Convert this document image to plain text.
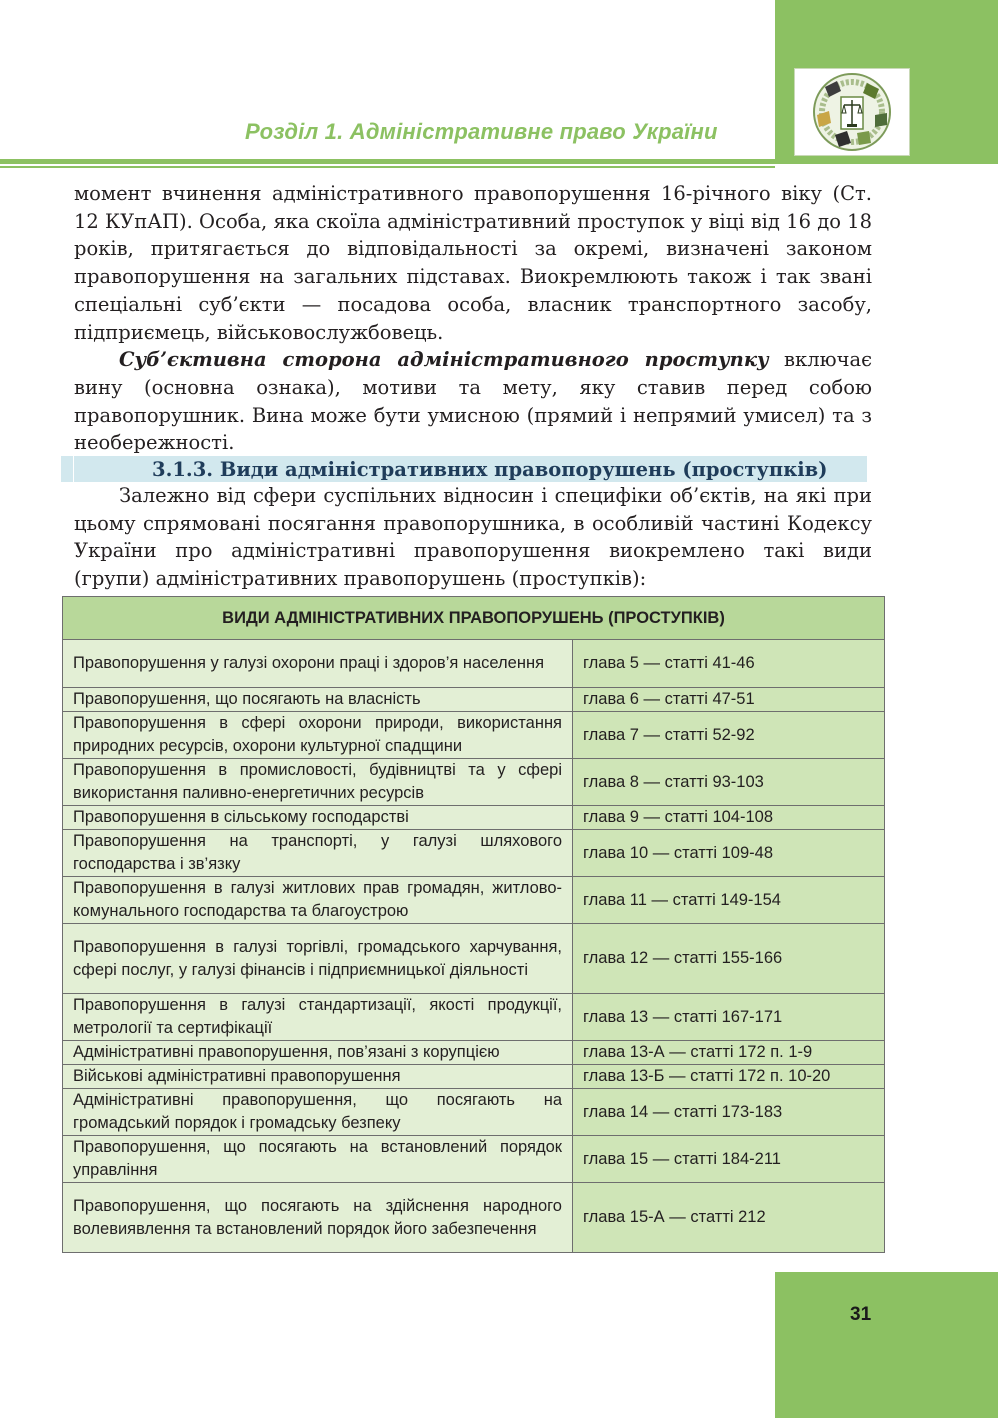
Розділ 1. Адміністративне право України

момент вчинення адміністративного правопорушення 16-річного віку (Ст. 12 КУпАП). Особа, яка скоїла адміністративний проступок у віці від 16 до 18 років, притягається до відповідальності за окремі, визначені законом правопорушення на загальних підставах. Виокремлюють також і так звані спеціальні суб’єкти — посадова особа, власник транспортного засобу, підприємець, військовослужбовець.

Суб’єктивна сторона адміністративного проступку включає вину (основна ознака), мотиви та мету, яку ставив перед собою правопорушник. Вина може бути умисною (прямий і непрямий умисел) та з необережності.

3.1.3. Види адміністративних правопорушень (проступків)

Залежно від сфери суспільних відносин і специфіки об’єктів, на які при цьому спрямовані посягання правопорушника, в особливій частині Кодексу України про адміністративні правопорушення виокремлено такі види (групи) адміністративних правопорушень (проступків):

ВИДИ АДМІНІСТРАТИВНИХ ПРАВОПОРУШЕНЬ (ПРОСТУПКІВ)	
Правопорушення у галузі охорони праці і здоров’я населення	глава 5 — статті 41-46
Правопорушення, що посягають на власність	глава 6 — статті 47-51
Правопорушення в сфері охорони природи, використання природних ресурсів, охорони культурної спадщини	глава 7 — статті 52-92
Правопорушення в промисловості, будівництві та у сфері використання паливно-енергетичних ресурсів	глава 8 — статті 93-103
Правопорушення в сільському господарстві	глава 9 — статті 104-108
Правопорушення на транспорті, у галузі шляхового господарства і зв’язку	глава 10 — статті 109-48
Правопорушення в галузі житлових прав громадян, житлово-комунального господарства та благоустрою	глава 11 — статті 149-154
Правопорушення в галузі торгівлі, громадського харчування, сфері послуг, у галузі фінансів і підприємницької діяльності	глава 12 — статті 155-166
Правопорушення в галузі стандартизації, якості продукції, метрології та сертифікації	глава 13 — статті 167-171
Адміністративні правопорушення, пов’язані з корупцією	глава 13-А — статті 172 п. 1-9
Військові адміністративні правопорушення	глава 13-Б — статті 172 п. 10-20
Адміністративні правопорушення, що посягають на громадський порядок і громадську безпеку	глава 14 — статті 173-183
Правопорушення, що посягають на встановлений порядок управління	глава 15 — статті 184-211
Правопорушення, що посягають на здійснення народного волевиявлення та встановлений порядок його забезпечення	глава 15-А — статті 212
31
